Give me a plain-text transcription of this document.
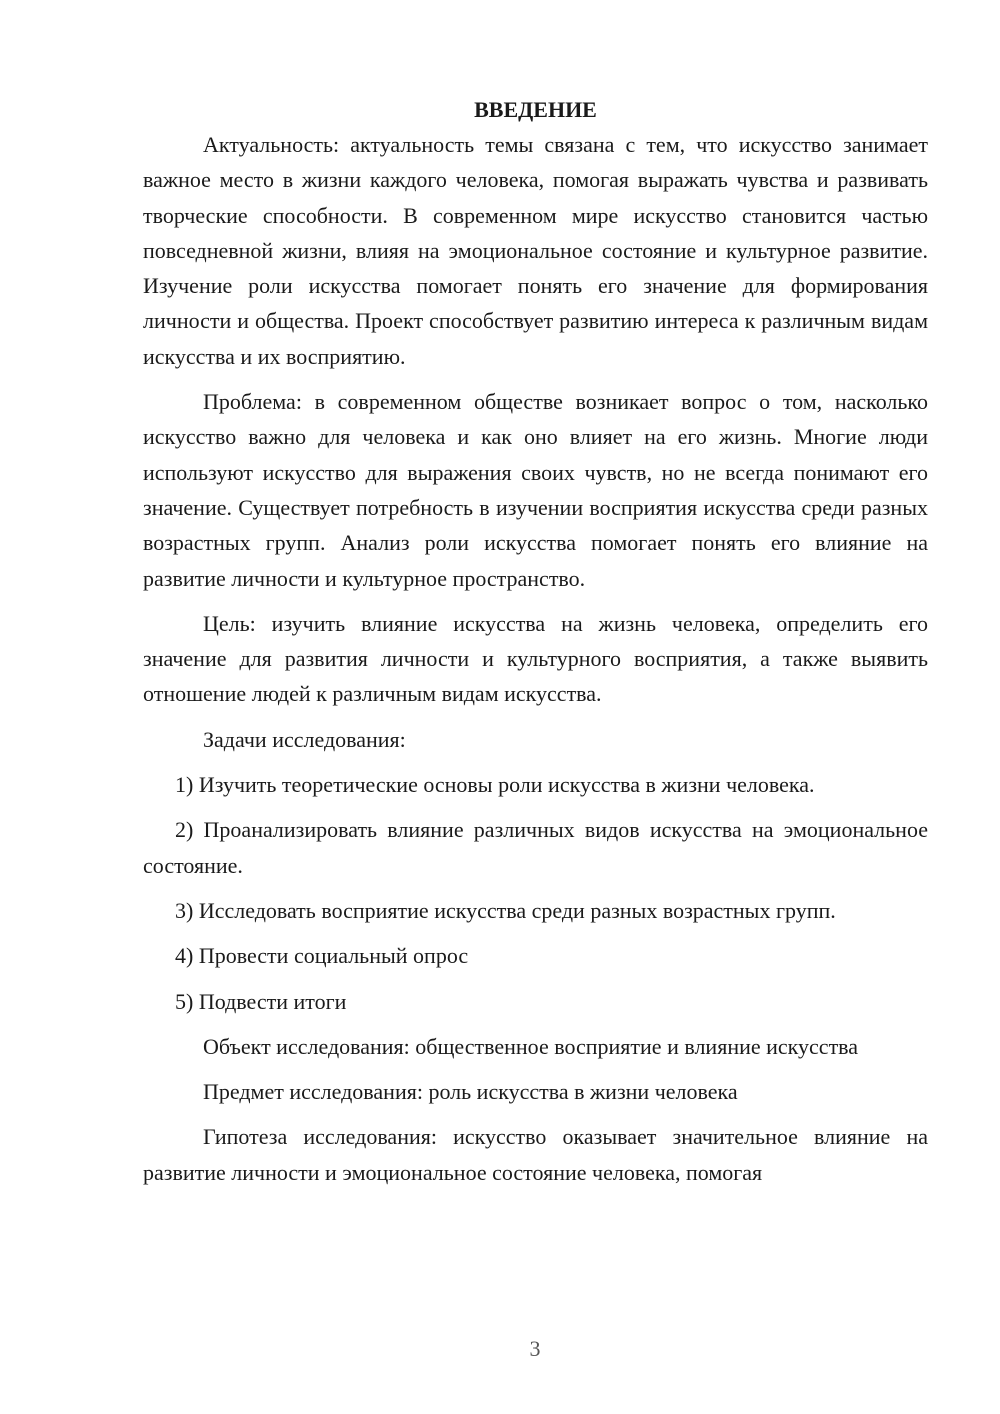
ВВЕДЕНИЕ

Актуальность: актуальность темы связана с тем, что искусство занимает важное место в жизни каждого человека, помогая выражать чувства и развивать творческие способности. В современном мире искусство становится частью повседневной жизни, влияя на эмоциональное состояние и культурное развитие. Изучение роли искусства помогает понять его значение для формирования личности и общества. Проект способствует развитию интереса к различным видам искусства и их восприятию.

Проблема: в современном обществе возникает вопрос о том, насколько искусство важно для человека и как оно влияет на его жизнь. Многие люди используют искусство для выражения своих чувств, но не всегда понимают его значение. Существует потребность в изучении восприятия искусства среди разных возрастных групп. Анализ роли искусства помогает понять его влияние на развитие личности и культурное пространство.

Цель: изучить влияние искусства на жизнь человека, определить его значение для развития личности и культурного восприятия, а также выявить отношение людей к различным видам искусства.

Задачи исследования:

1) Изучить теоретические основы роли искусства в жизни человека.

2) Проанализировать влияние различных видов искусства на эмоциональное состояние.

3) Исследовать восприятие искусства среди разных возрастных групп.

4) Провести социальный опрос

5) Подвести итоги

Объект исследования: общественное восприятие и влияние искусства

Предмет исследования: роль искусства в жизни человека

Гипотеза исследования: искусство оказывает значительное влияние на развитие личности и эмоциональное состояние человека, помогая

3
